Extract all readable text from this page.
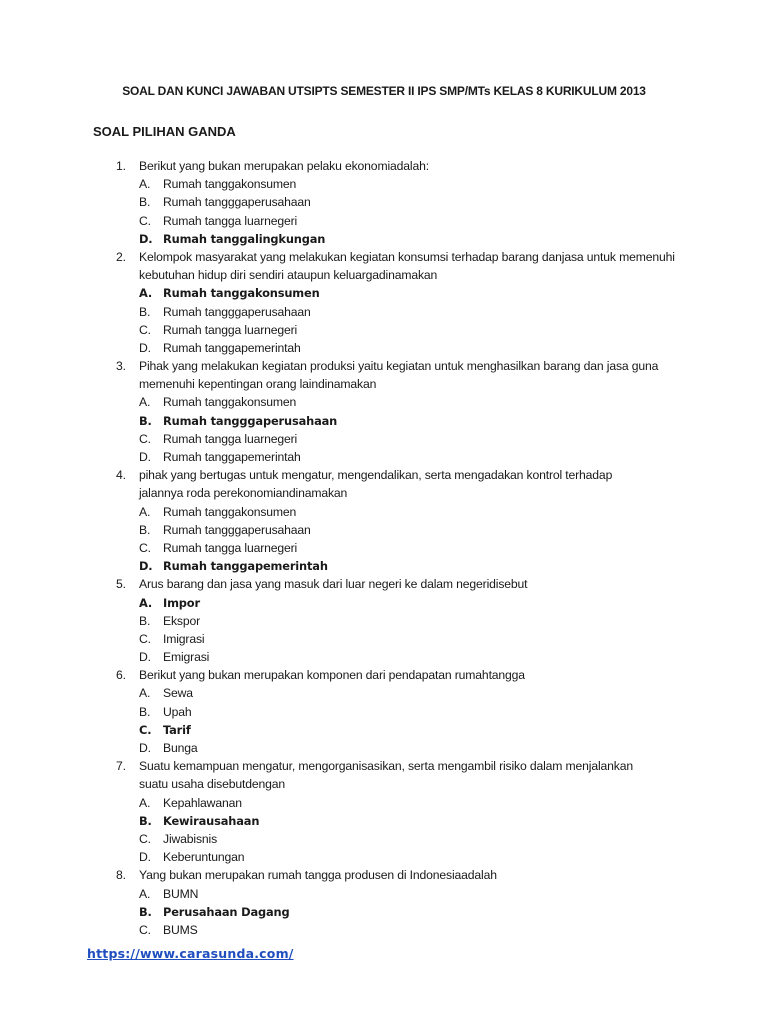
SOAL DAN KUNCI JAWABAN UTSIPTS SEMESTER II IPS SMP/MTs KELAS 8 KURIKULUM 2013
SOAL PILIHAN GANDA
1.	Berikut yang bukan merupakan pelaku ekonomiadalah:
A.	Rumah tanggakonsumen
B.	Rumah tangggaperusahaan
C. Rumah tangga luarnegeri
D. Rumah tanggalingkungan
2.	Kelompok masyarakat yang melakukan kegiatan konsumsi terhadap barang danjasa untuk memenuhi
kebutuhan hidup diri sendiri ataupun keluargadinamakan
A. Rumah tanggakonsumen
B.	Rumah tangggaperusahaan
C. Rumah tangga luarnegeri
D. Rumah tanggapemerintah
3.	Pihak yang melakukan kegiatan produksi yaitu kegiatan untuk menghasilkan barang dan jasa guna
memenuhi kepentingan orang laindinamakan
A.	Rumah tanggakonsumen
B. Rumah tangggaperusahaan
C. Rumah tangga luarnegeri
D. Rumah tanggapemerintah
4.	pihak yang bertugas untuk mengatur, mengendalikan, serta mengadakan kontrol terhadap
jalannya roda perekonomiandinamakan
A.	Rumah tanggakonsumen
B.	Rumah tangggaperusahaan
C. Rumah tangga luarnegeri
D. Rumah tanggapemerintah
5.	Arus barang dan jasa yang masuk dari luar negeri ke dalam negeridisebut
A. Impor
B.	Ekspor
C. Imigrasi
D. Emigrasi
6.	Berikut yang bukan merupakan komponen dari pendapatan rumahtangga
A.	Sewa
B.	Upah
C.	Tarif
D. Bunga
7.	Suatu kemampuan mengatur, mengorganisasikan, serta mengambil risiko dalam menjalankan
suatu usaha disebutdengan
A.	Kepahlawanan
B. Kewirausahaan
C. Jiwabisnis
D. Keberuntungan
8.	Yang bukan merupakan rumah tangga produsen di Indonesiaadalah
A.	BUMN
B. Perusahaan Dagang
C. BUMS
https://www.carasunda.com/
